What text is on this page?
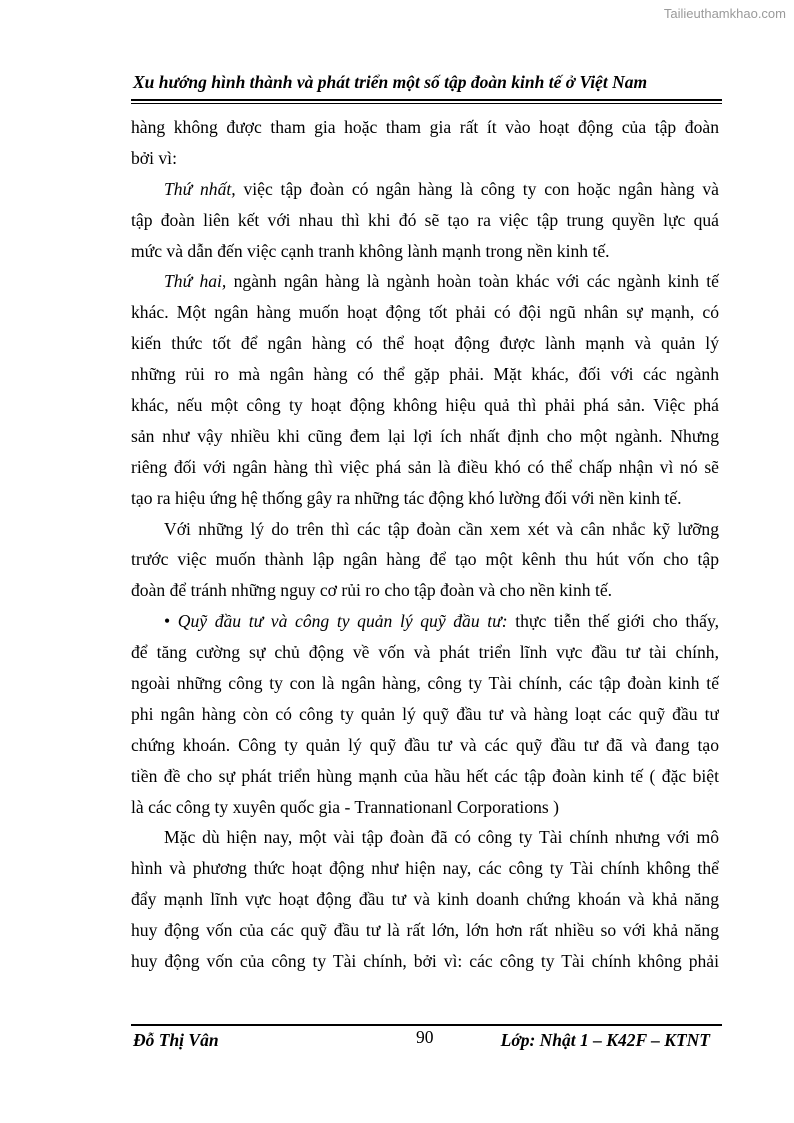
Tailieuthamkhao.com
Xu hướng hình thành và phát triển một số tập đoàn kinh tế ở Việt Nam
hàng không được tham gia hoặc tham gia rất ít vào hoạt động của tập đoàn
bởi vì:
Thứ nhất, việc tập đoàn có ngân hàng là công ty con hoặc ngân hàng và
tập đoàn liên kết với nhau thì khi đó sẽ tạo ra việc tập trung quyền lực quá
mức và dẫn đến việc cạnh tranh không lành mạnh trong nền kinh tế.
Thứ hai, ngành ngân hàng là ngành hoàn toàn khác với các ngành kinh tế
khác. Một ngân hàng muốn hoạt động tốt phải có đội ngũ nhân sự mạnh, có
kiến thức tốt để ngân hàng có thể hoạt động được lành mạnh và quản lý
những rủi ro mà ngân hàng có thể gặp phải. Mặt khác, đối với các ngành
khác, nếu một công ty hoạt động không hiệu quả thì phải phá sản. Việc phá
sản như vậy nhiều khi cũng đem lại lợi ích nhất định cho một ngành. Nhưng
riêng đối với ngân hàng thì việc phá sản là điều khó có thể chấp nhận vì nó sẽ
tạo ra hiệu ứng hệ thống gây ra những tác động khó lường đối với nền kinh tế.
Với những lý do trên thì các tập đoàn cần xem xét và cân nhắc kỹ lưỡng
trước việc muốn thành lập ngân hàng để tạo một kênh thu hút vốn cho tập
đoàn để tránh những nguy cơ rủi ro cho tập đoàn và cho nền kinh tế.
• Quỹ đầu tư và công ty quản lý quỹ đầu tư: thực tiễn thế giới cho thấy,
để tăng cường sự chủ động về vốn và phát triển lĩnh vực đầu tư tài chính,
ngoài những công ty con là ngân hàng, công ty Tài chính, các tập đoàn kinh tế
phi ngân hàng còn có công ty quản lý quỹ đầu tư và hàng loạt các quỹ đầu tư
chứng khoán. Công ty quản lý quỹ đầu tư và các quỹ đầu tư đã và đang tạo
tiền đề cho sự phát triển hùng mạnh của hầu hết các tập đoàn kinh tế ( đặc biệt
là các công ty xuyên quốc gia - Trannationanl Corporations )
Mặc dù hiện nay, một vài tập đoàn đã có công ty Tài chính nhưng với mô
hình và phương thức hoạt động như hiện nay, các công ty Tài chính không thể
đẩy mạnh lĩnh vực hoạt động đầu tư và kinh doanh chứng khoán và khả năng
huy động vốn của các quỹ đầu tư là rất lớn, lớn hơn rất nhiều so với khả năng
huy động vốn của công ty Tài chính, bởi vì: các công ty Tài chính không phải
Đỗ Thị Vân	90	Lớp: Nhật 1 – K42F – KTNT
